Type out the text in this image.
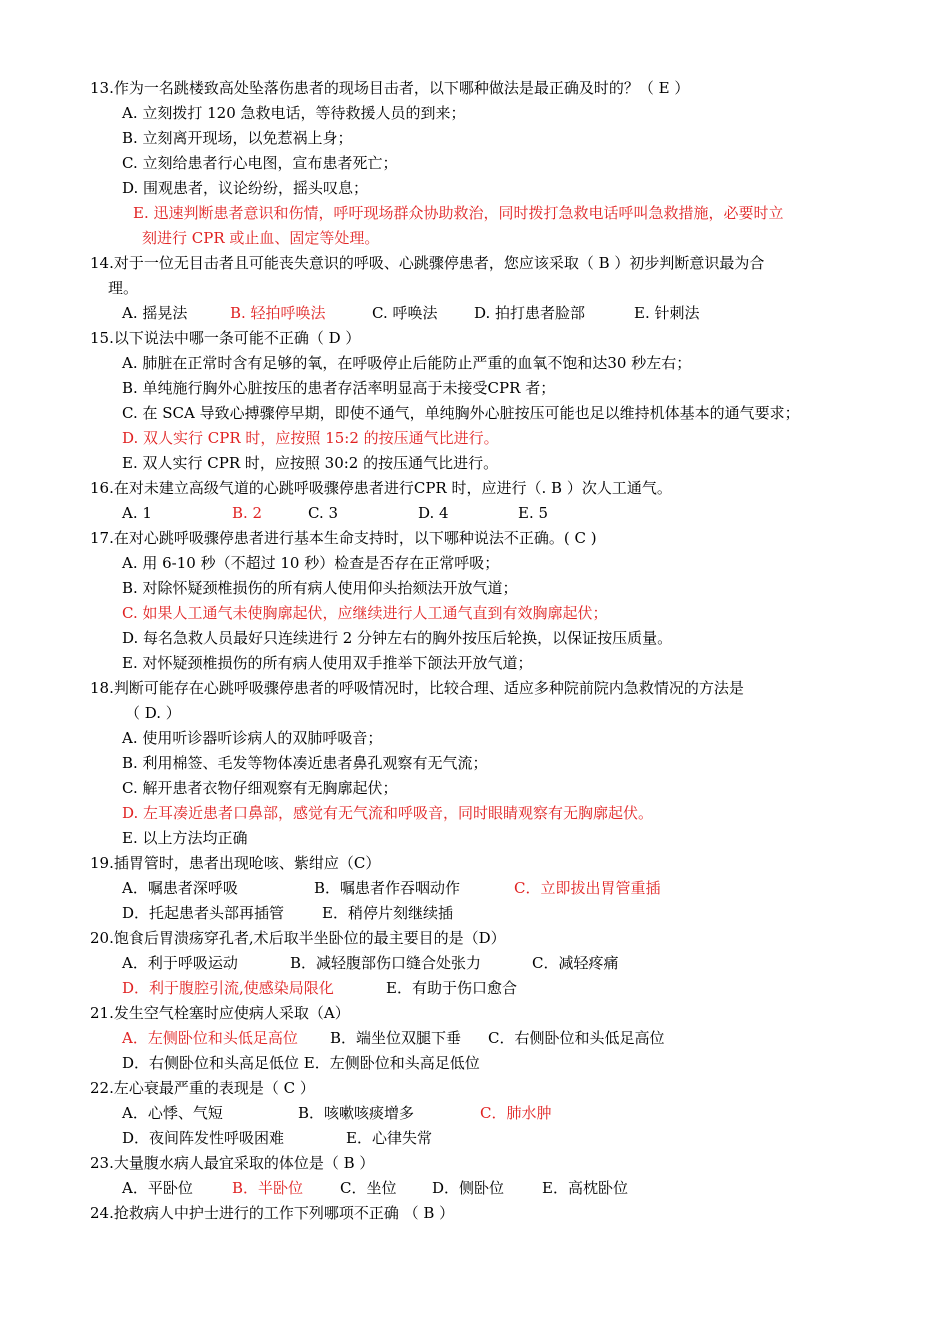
13.作为一名跳楼致高处坠落伤患者的现场目击者，以下哪种做法是最正确及时的？（ E ）
A. 立刻拨打 120 急救电话，等待救援人员的到来；
B. 立刻离开现场，以免惹祸上身；
C. 立刻给患者行心电图，宣布患者死亡；
D. 围观患者，议论纷纷，摇头叹息；
E. 迅速判断患者意识和伤情，呼吁现场群众协助救治，同时拨打急救电话呼叫急救措施，必要时立
刻进行 CPR 或止血、固定等处理。
14.对于一位无目击者且可能丧失意识的呼吸、心跳骤停患者，您应该采取（ B ）初步判断意识最为合
理。
A. 摇晃法	B. 轻拍呼唤法	C. 呼唤法 D. 拍打患者脸部	E. 针刺法
15.以下说法中哪一条可能不正确（ D ）
A. 肺脏在正常时含有足够的氧，在呼吸停止后能防止严重的血氧不饱和达30 秒左右；
B. 单纯施行胸外心脏按压的患者存活率明显高于未接受CPR 者；
C. 在 SCA 导致心搏骤停早期，即使不通气，单纯胸外心脏按压可能也足以维持机体基本的通气要求；
D. 双人实行 CPR 时，应按照 15:2 的按压通气比进行。
E. 双人实行 CPR 时，应按照 30:2 的按压通气比进行。
16.在对未建立高级气道的心跳呼吸骤停患者进行CPR 时，应进行（. B ）次人工通气。
A. 1	B. 2	C. 3	D. 4	E. 5
17.在对心跳呼吸骤停患者进行基本生命支持时，以下哪种说法不正确。( C )
A. 用 6-10 秒（不超过 10 秒）检查是否存在正常呼吸；
B. 对除怀疑颈椎损伤的所有病人使用仰头抬颏法开放气道；
C. 如果人工通气未使胸廓起伏，应继续进行人工通气直到有效胸廓起伏；
D. 每名急救人员最好只连续进行 2 分钟左右的胸外按压后轮换，以保证按压质量。
E. 对怀疑颈椎损伤的所有病人使用双手推举下颌法开放气道；
18.判断可能存在心跳呼吸骤停患者的呼吸情况时，比较合理、适应多种院前院内急救情况的方法是
（ D. ）
A. 使用听诊器听诊病人的双肺呼吸音；
B. 利用棉签、毛发等物体凑近患者鼻孔观察有无气流；
C. 解开患者衣物仔细观察有无胸廓起伏；
D. 左耳凑近患者口鼻部，感觉有无气流和呼吸音，同时眼睛观察有无胸廓起伏。
E. 以上方法均正确
19.插胃管时，患者出现呛咳、紫绀应（C）
A．嘱患者深呼吸	B．嘱患者作吞咽动作	C．立即拔出胃管重插
D．托起患者头部再插管	E．稍停片刻继续插
20.饱食后胃溃疡穿孔者,术后取半坐卧位的最主要目的是（D）
A．利于呼吸运动	B．减轻腹部伤口缝合处张力	C．减轻疼痛
D．利于腹腔引流,使感染局限化	E．有助于伤口愈合
21.发生空气栓塞时应使病人采取（A）
A．左侧卧位和头低足高位 B．端坐位双腿下垂 C．右侧卧位和头低足高位
D．右侧卧位和头高足低位 E．左侧卧位和头高足低位
22.左心衰最严重的表现是（ C ）
A．心悸、气短	B．咳嗽咳痰增多	C．肺水肿
D．夜间阵发性呼吸困难	E．心律失常
23.大量腹水病人最宜采取的体位是（ B ）
A．平卧位	B．半卧位 C．坐位 D．侧卧位	E．高枕卧位
24.抢救病人中护士进行的工作下列哪项不正确 （ B ）
